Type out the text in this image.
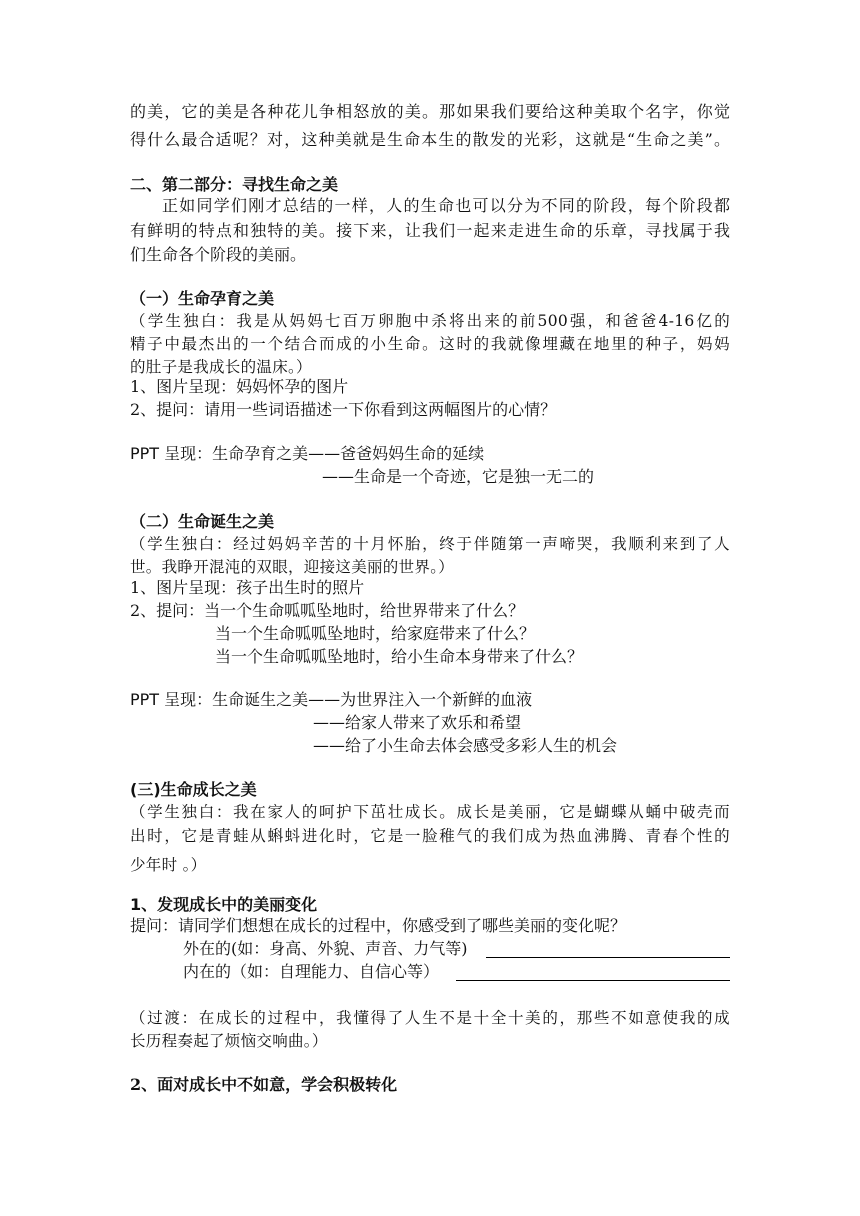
的美，它的美是各种花儿争相怒放的美。那如果我们要给这种美取个名字，你觉
得什么最合适呢？对，这种美就是生命本生的散发的光彩，这就是“生命之美”。
二、第二部分：寻找生命之美
正如同学们刚才总结的一样，人的生命也可以分为不同的阶段，每个阶段都
有鲜明的特点和独特的美。接下来，让我们一起来走进生命的乐章，寻找属于我
们生命各个阶段的美丽。
（一）生命孕育之美
（学生独白：我是从妈妈七百万卵胞中杀将出来的前500强，和爸爸4-16亿的
精子中最杰出的一个结合而成的小生命。这时的我就像埋藏在地里的种子，妈妈
的肚子是我成长的温床。）
1、图片呈现：妈妈怀孕的图片
2、提问：请用一些词语描述一下你看到这两幅图片的心情？
PPT 呈现：生命孕育之美——爸爸妈妈生命的延续
——生命是一个奇迹，它是独一无二的
（二）生命诞生之美
（学生独白：经过妈妈辛苦的十月怀胎，终于伴随第一声啼哭，我顺利来到了人
世。我睁开混沌的双眼，迎接这美丽的世界。）
1、图片呈现：孩子出生时的照片
2、提问：当一个生命呱呱坠地时，给世界带来了什么？
当一个生命呱呱坠地时，给家庭带来了什么？
当一个生命呱呱坠地时，给小生命本身带来了什么？
PPT 呈现：生命诞生之美——为世界注入一个新鲜的血液
——给家人带来了欢乐和希望
——给了小生命去体会感受多彩人生的机会
(三)生命成长之美
（学生独白：我在家人的呵护下茁壮成长。成长是美丽，它是蝴蝶从蛹中破壳而
出时，它是青蛙从蝌蚪进化时，它是一脸稚气的我们成为热血沸腾、青春个性的
少年时 。）
1、发现成长中的美丽变化
提问：请同学们想想在成长的过程中，你感受到了哪些美丽的变化呢？
外在的(如：身高、外貌、声音、力气等)
内在的（如：自理能力、自信心等）
（过渡：在成长的过程中，我懂得了人生不是十全十美的，那些不如意使我的成
长历程奏起了烦恼交响曲。）
2、面对成长中不如意，学会积极转化
